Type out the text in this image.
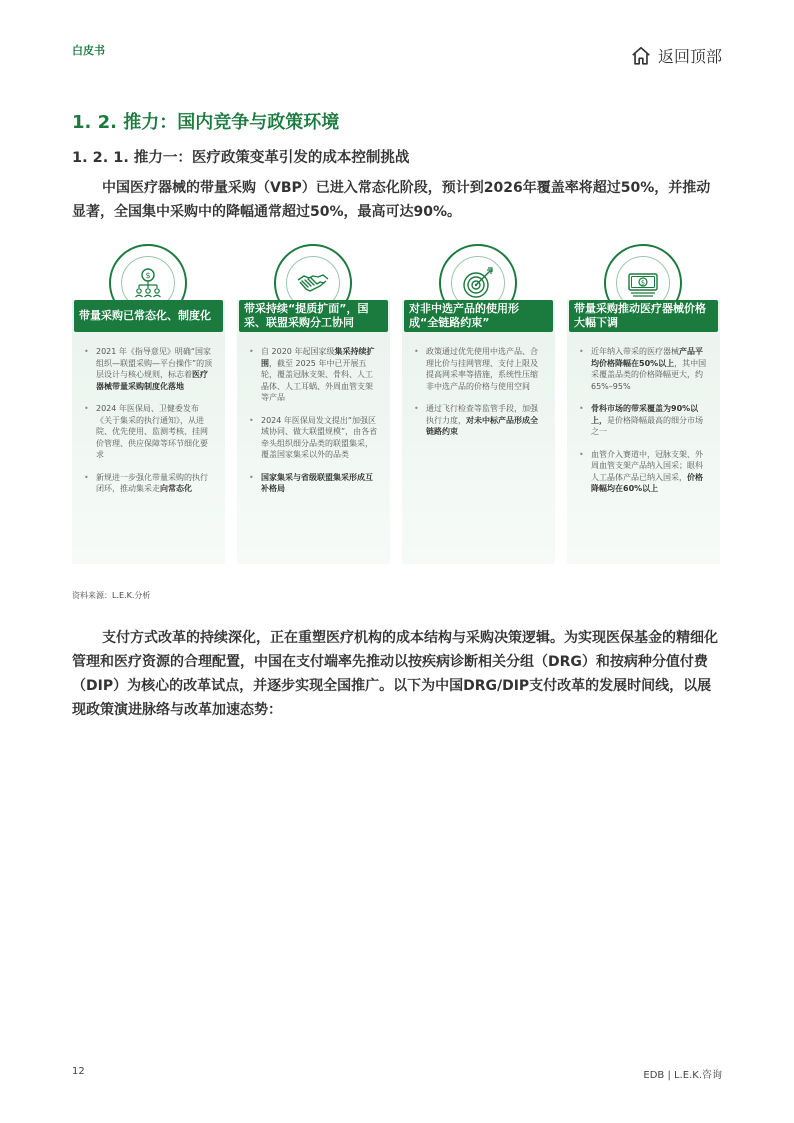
白皮书	返回顶部
1. 2. 推力：国内竞争与政策环境
1. 2. 1. 推力一：医疗政策变革引发的成本控制挑战
中国医疗器械的带量采购（VBP）已进入常态化阶段，预计到2026年覆盖率将超过50%，并推动显著，全国集中采购中的降幅通常超过50%，最高可达90%。
$
带量采购已常态化、制度化
• 2021 年《指导意见》明确“国家组织—联盟采购—平台操作”的顶层设计与核心规则，标志着医疗器械带量采购制度化落地
• 2024 年医保局、卫健委发布《关于集采的执行通知》，从进院、优先使用、监测考核、挂网价管理、供应保障等环节细化要求
• 新规进一步强化带量采购的执行闭环，推动集采走向常态化
带采持续“提质扩面”，国采、联盟采购分工协同
• 自 2020 年起国家级集采持续扩围，截至 2025 年中已开展五轮，覆盖冠脉支架、骨科、人工晶体、人工耳蜗、外周血管支架等产品
• 2024 年医保局发文提出“加强区域协同、做大联盟规模”，由各省牵头组织细分品类的联盟集采，覆盖国家集采以外的品类
• 国家集采与省级联盟集采形成互补格局
对非中选产品的使用形成“全链路约束”
• 政策通过优先使用中选产品、合理比价与挂网管理、支付上限及提高网采率等措施，系统性压缩非中选产品的价格与使用空间
• 通过飞行检查等监管手段，加强执行力度，对未中标产品形成全链路约束
$
带量采购推动医疗器械价格大幅下调
• 近年纳入带采的医疗器械产品平均价格降幅在50%以上，其中国采覆盖品类的价格降幅更大，约65%–95%
• 骨科市场的带采覆盖为90%以上，是价格降幅最高的细分市场之一
• 血管介入赛道中，冠脉支架、外周血管支架产品纳入国采；眼科人工晶体产品已纳入国采，价格降幅均在60%以上
资料来源：L.E.K.分析
支付方式改革的持续深化，正在重塑医疗机构的成本结构与采购决策逻辑。为实现医保基金的精细化管理和医疗资源的合理配置，中国在支付端率先推动以按疾病诊断相关分组（DRG）和按病种分值付费（DIP）为核心的改革试点，并逐步实现全国推广。以下为中国DRG/DIP支付改革的发展时间线，以展现政策演进脉络与改革加速态势：
12	EDB | L.E.K.咨询
